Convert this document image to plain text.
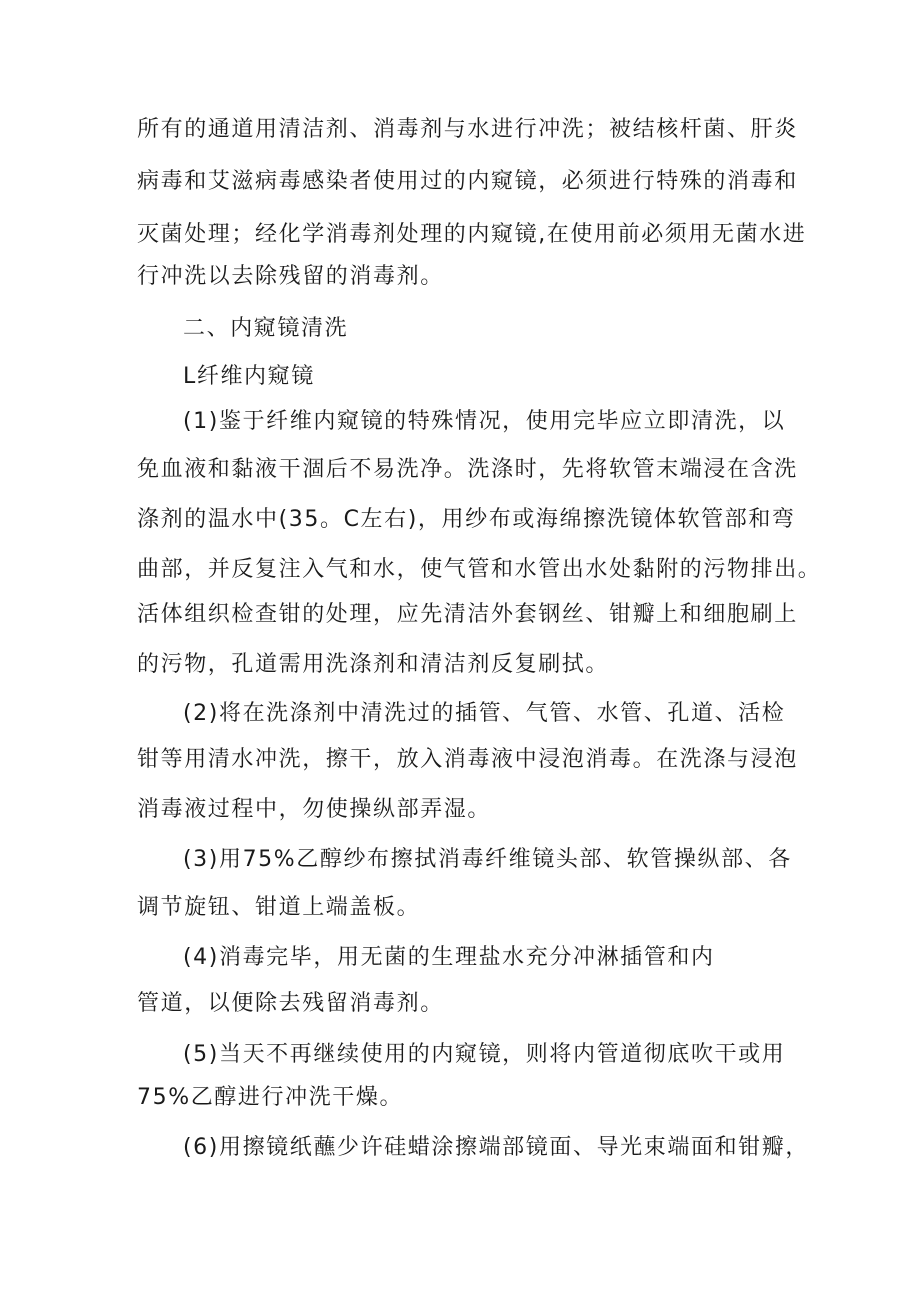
所有的通道用清洁剂、消毒剂与水进行冲洗；被结核杆菌、肝炎
病毒和艾滋病毒感染者使用过的内窥镜，必须进行特殊的消毒和
灭菌处理；经化学消毒剂处理的内窥镜,在使用前必须用无菌水进
行冲洗以去除残留的消毒剂。
二、内窥镜清洗
L纤维内窥镜
(1)鉴于纤维内窥镜的特殊情况，使用完毕应立即清洗，以
免血液和黏液干涸后不易洗净。洗涤时，先将软管末端浸在含洗
涤剂的温水中(35。C左右)，用纱布或海绵擦洗镜体软管部和弯
曲部，并反复注入气和水，使气管和水管出水处黏附的污物排出。
活体组织检查钳的处理，应先清洁外套钢丝、钳瓣上和细胞刷上
的污物，孔道需用洗涤剂和清洁剂反复刷拭。
(2)将在洗涤剂中清洗过的插管、气管、水管、孔道、活检
钳等用清水冲洗，擦干，放入消毒液中浸泡消毒。在洗涤与浸泡
消毒液过程中，勿使操纵部弄湿。
(3)用75%乙醇纱布擦拭消毒纤维镜头部、软管操纵部、各
调节旋钮、钳道上端盖板。
(4)消毒完毕，用无菌的生理盐水充分冲淋插管和内
管道，以便除去残留消毒剂。
(5)当天不再继续使用的内窥镜，则将内管道彻底吹干或用
75%乙醇进行冲洗干燥。
(6)用擦镜纸蘸少许硅蜡涂擦端部镜面、导光束端面和钳瓣，
